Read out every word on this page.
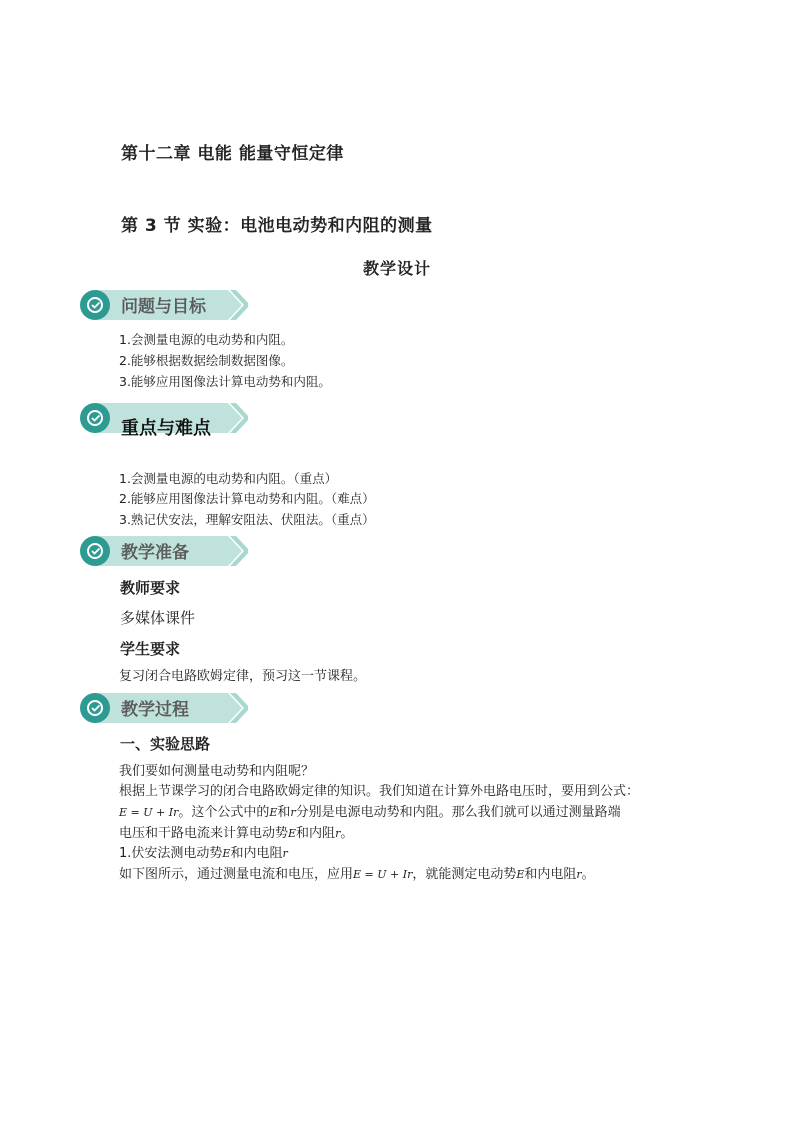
第十二章 电能 能量守恒定律
第 3 节 实验：电池电动势和内阻的测量
教学设计
问题与目标
1.会测量电源的电动势和内阻。
2.能够根据数据绘制数据图像。
3.能够应用图像法计算电动势和内阻。
重点与难点
1.会测量电源的电动势和内阻。（重点）
2.能够应用图像法计算电动势和内阻。（难点）
3.熟记伏安法，理解安阻法、伏阻法。（重点）
教学准备
教师要求
多媒体课件
学生要求
复习闭合电路欧姆定律，预习这一节课程。
教学过程
一、实验思路
我们要如何测量电动势和内阻呢？
根据上节课学习的闭合电路欧姆定律的知识。我们知道在计算外电路电压时，要用到公式：
E = U + Ir。这个公式中的E和r分别是电源电动势和内阻。那么我们就可以通过测量路端
电压和干路电流来计算电动势E和内阻r。
1.伏安法测电动势E和内电阻r
如下图所示，通过测量电流和电压，应用E = U + Ir，就能测定电动势E和内电阻r。
